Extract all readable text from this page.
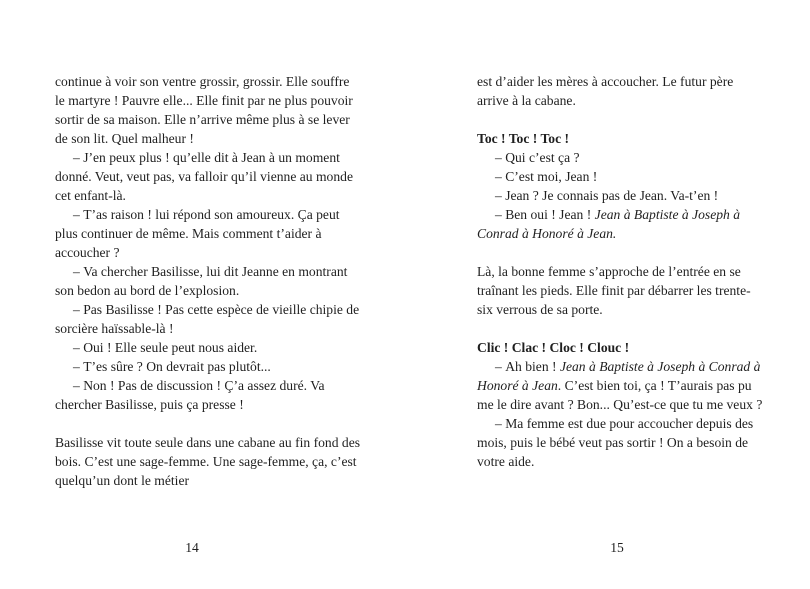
continue à voir son ventre grossir, grossir. Elle souffre le martyre ! Pauvre elle... Elle finit par ne plus pouvoir sortir de sa maison. Elle n’arrive même plus à se lever de son lit. Quel malheur !

– J’en peux plus ! qu’elle dit à Jean à un moment donné. Veut, veut pas, va falloir qu’il vienne au monde cet enfant-là.

– T’as raison ! lui répond son amoureux. Ça peut plus continuer de même. Mais comment t’aider à accoucher ?

– Va chercher Basilisse, lui dit Jeanne en montrant son bedon au bord de l’explosion.

– Pas Basilisse ! Pas cette espèce de vieille chipie de sorcière haïssable-là !

– Oui ! Elle seule peut nous aider.

– T’es sûre ? On devrait pas plutôt...

– Non ! Pas de discussion ! Ç’a assez duré. Va chercher Basilisse, puis ça presse !

Basilisse vit toute seule dans une cabane au fin fond des bois. C’est une sage-femme. Une sage-femme, ça, c’est quelqu’un dont le métier

14

est d’aider les mères à accoucher. Le futur père arrive à la cabane.

Toc ! Toc ! Toc !

– Qui c’est ça ?

– C’est moi, Jean !

– Jean ? Je connais pas de Jean. Va-t’en !

– Ben oui ! Jean ! Jean à Baptiste à Joseph à Conrad à Honoré à Jean.

Là, la bonne femme s’approche de l’entrée en se traînant les pieds. Elle finit par débarrer les trente-six verrous de sa porte.

Clic ! Clac ! Cloc ! Clouc !

– Ah bien ! Jean à Baptiste à Joseph à Conrad à Honoré à Jean. C’est bien toi, ça ! T’aurais pas pu me le dire avant ? Bon... Qu’est-ce que tu me veux ?

– Ma femme est due pour accoucher depuis des mois, puis le bébé veut pas sortir ! On a besoin de votre aide.

15
